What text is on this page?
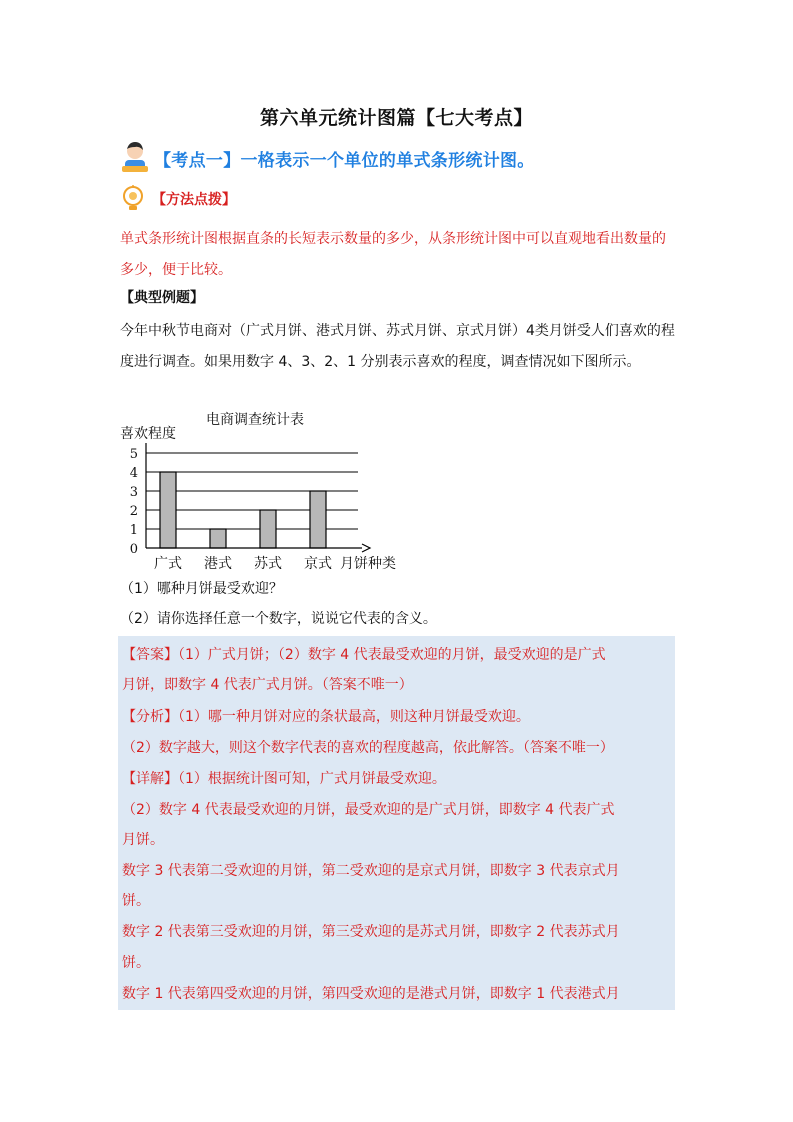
第六单元统计图篇【七大考点】
【考点一】一格表示一个单位的单式条形统计图。
【方法点拨】
单式条形统计图根据直条的长短表示数量的多少，从条形统计图中可以直观地看出数量的多少，便于比较。
【典型例题】
今年中秋节电商对（广式月饼、港式月饼、苏式月饼、京式月饼）4类月饼受人们喜欢的程度进行调查。如果用数字 4、3、2、1 分别表示喜欢的程度，调查情况如下图所示。
喜欢程度
电商调查统计表
月饼种类
0
1
2
3
4
5
广式 港式 苏式 京式
（1）哪种月饼最受欢迎？
（2）请你选择任意一个数字，说说它代表的含义。
【答案】（1）广式月饼；（2）数字 4 代表最受欢迎的月饼，最受欢迎的是广式
月饼，即数字 4 代表广式月饼。（答案不唯一）
【分析】（1）哪一种月饼对应的条状最高，则这种月饼最受欢迎。
（2）数字越大，则这个数字代表的喜欢的程度越高，依此解答。（答案不唯一）
【详解】（1）根据统计图可知，广式月饼最受欢迎。
（2）数字 4 代表最受欢迎的月饼，最受欢迎的是广式月饼，即数字 4 代表广式
月饼。
数字 3 代表第二受欢迎的月饼，第二受欢迎的是京式月饼，即数字 3 代表京式月
饼。
数字 2 代表第三受欢迎的月饼，第三受欢迎的是苏式月饼，即数字 2 代表苏式月
饼。
数字 1 代表第四受欢迎的月饼，第四受欢迎的是港式月饼，即数字 1 代表港式月
